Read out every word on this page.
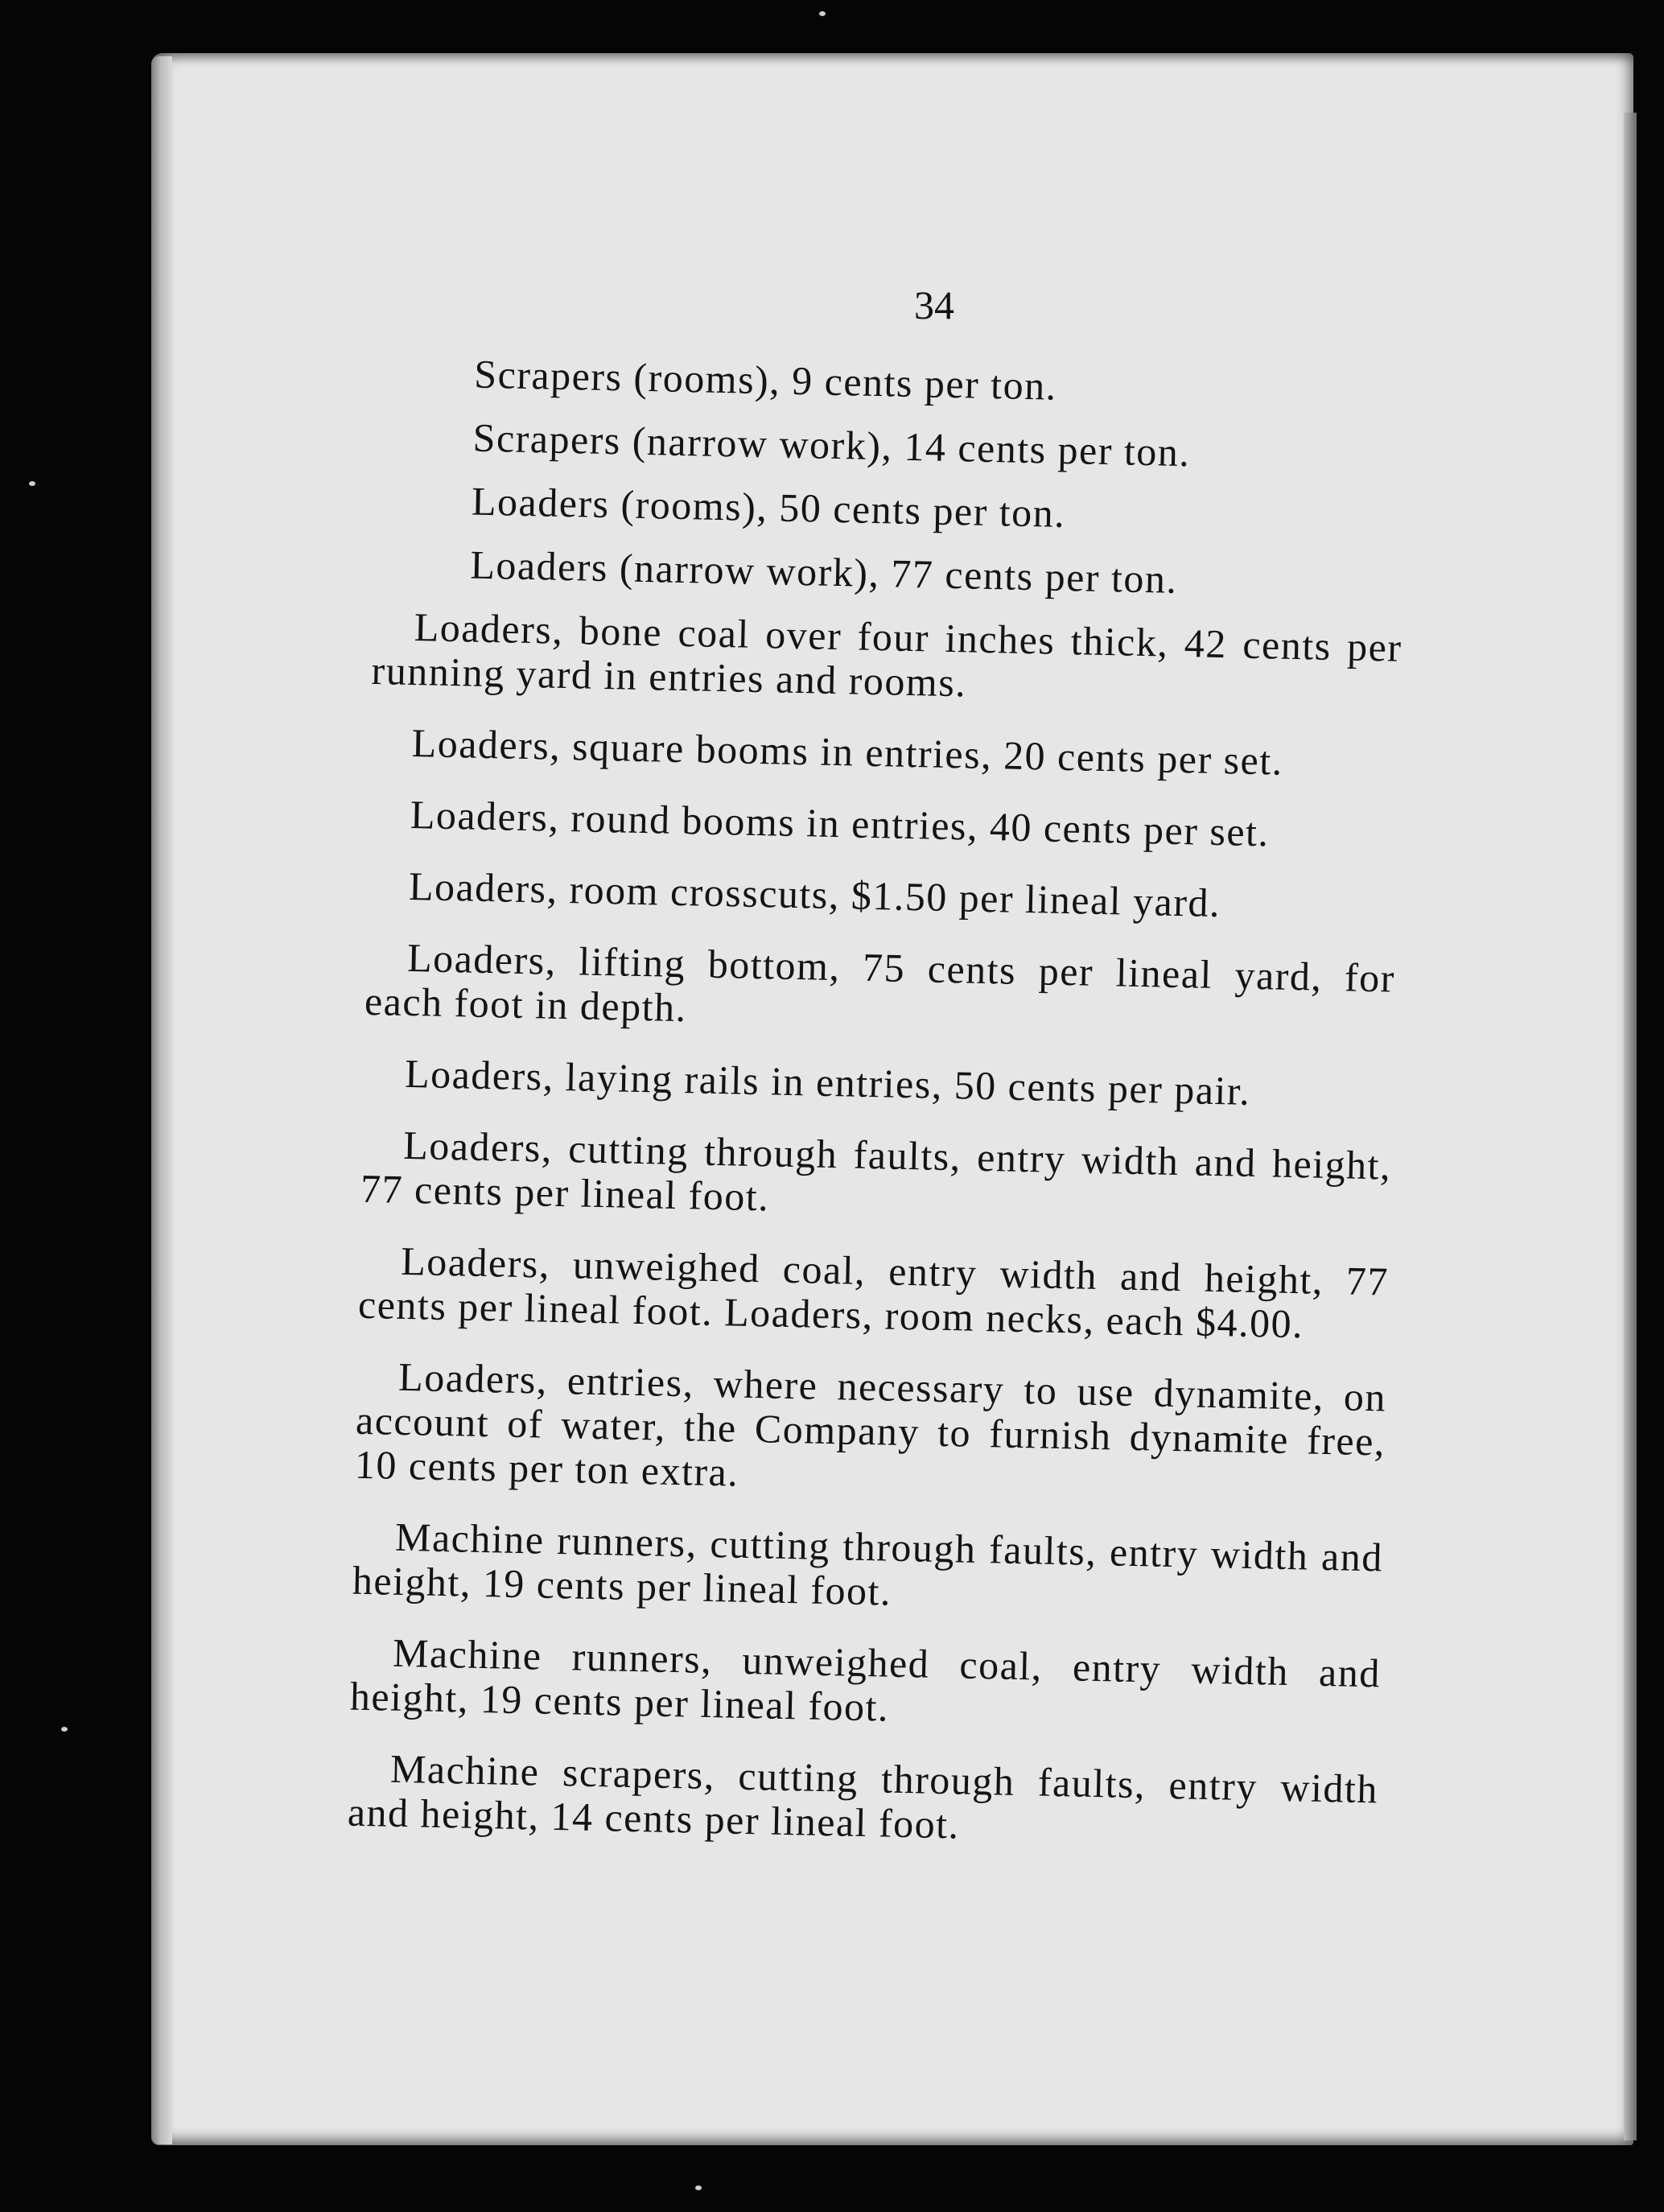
34

Scrapers (rooms), 9 cents per ton.

Scrapers (narrow work), 14 cents per ton.

Loaders (rooms), 50 cents per ton.

Loaders (narrow work), 77 cents per ton.

Loaders, bone coal over four inches thick, 42 cents per running yard in entries and rooms.

Loaders, square booms in entries, 20 cents per set.

Loaders, round booms in entries, 40 cents per set.

Loaders, room crosscuts, $1.50 per lineal yard.

Loaders, lifting bottom, 75 cents per lineal yard, for each foot in depth.

Loaders, laying rails in entries, 50 cents per pair.

Loaders, cutting through faults, entry width and height, 77 cents per lineal foot.

Loaders, unweighed coal, entry width and height, 77 cents per lineal foot. Loaders, room necks, each $4.00.

Loaders, entries, where necessary to use dynamite, on account of water, the Company to furnish dynamite free, 10 cents per ton extra.

Machine runners, cutting through faults, entry width and height, 19 cents per lineal foot.

Machine runners, unweighed coal, entry width and height, 19 cents per lineal foot.

Machine scrapers, cutting through faults, entry width and height, 14 cents per lineal foot.
